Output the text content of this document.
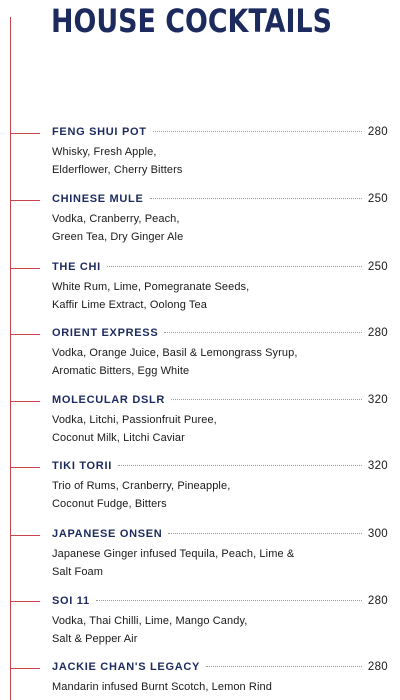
HOUSE COCKTAILS
FENG SHUI POT	280
Whisky, Fresh Apple,
Elderflower, Cherry Bitters
CHINESE MULE	250
Vodka, Cranberry, Peach,
Green Tea, Dry Ginger Ale
THE CHI	250
White Rum, Lime, Pomegranate Seeds,
Kaffir Lime Extract, Oolong Tea
ORIENT EXPRESS	280
Vodka, Orange Juice, Basil & Lemongrass Syrup,
Aromatic Bitters, Egg White
MOLECULAR DSLR	320
Vodka, Litchi, Passionfruit Puree,
Coconut Milk, Litchi Caviar
TIKI TORII	320
Trio of Rums, Cranberry, Pineapple,
Coconut Fudge, Bitters
JAPANESE ONSEN	300
Japanese Ginger infused Tequila, Peach, Lime &
Salt Foam
SOI 11	280
Vodka, Thai Chilli, Lime, Mango Candy,
Salt & Pepper Air
JACKIE CHAN'S LEGACY	280
Mandarin infused Burnt Scotch, Lemon Rind
